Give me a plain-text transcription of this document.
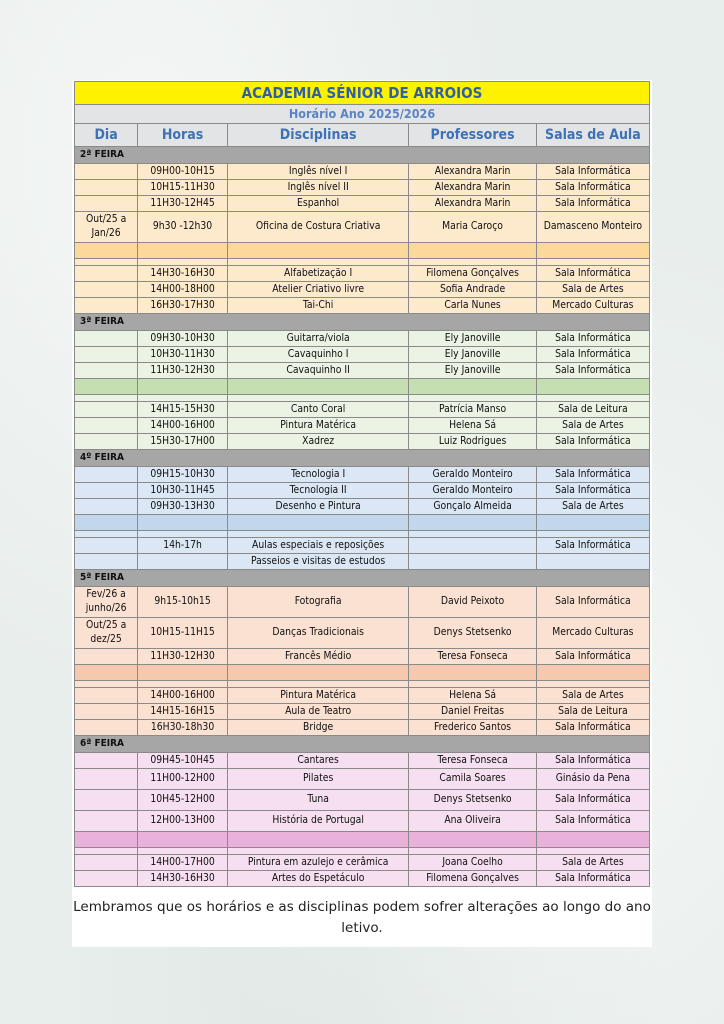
ACADEMIA SÉNIOR DE ARROIOS				
Horário Ano 2025/2026				
Dia	Horas	Disciplinas	Professores	Salas de Aula
2ª FEIRA				
	09H00-10H15	Inglês nível I	Alexandra Marin	Sala Informática
	10H15-11H30	Inglês nível II	Alexandra Marin	Sala Informática
	11H30-12H45	Espanhol	Alexandra Marin	Sala Informática
Out/25 a Jan/26	9h30 -12h30	Oficina de Costura Criativa	Maria Caroço	Damasceno Monteiro

	14H30-16H30	Alfabetização I	Filomena Gonçalves	Sala Informática
	14H00-18H00	Atelier Criativo livre	Sofia Andrade	Sala de Artes
	16H30-17H30	Tai-Chi	Carla Nunes	Mercado Culturas
3ª FEIRA				
	09H30-10H30	Guitarra/viola	Ely Janoville	Sala Informática
	10H30-11H30	Cavaquinho I	Ely Janoville	Sala Informática
	11H30-12H30	Cavaquinho II	Ely Janoville	Sala Informática

	14H15-15H30	Canto Coral	Patrícia Manso	Sala de Leitura
	14H00-16H00	Pintura Matérica	Helena Sá	Sala de Artes
	15H30-17H00	Xadrez	Luiz Rodrigues	Sala Informática
4º FEIRA				
	09H15-10H30	Tecnologia I	Geraldo Monteiro	Sala Informática
	10H30-11H45	Tecnologia II	Geraldo Monteiro	Sala Informática
	09H30-13H30	Desenho e Pintura	Gonçalo Almeida	Sala de Artes

	14h-17h	Aulas especiais e reposições		Sala Informática
		Passeios e visitas de estudos		
5ª FEIRA				
Fev/26 a junho/26	9h15-10h15	Fotografia	David Peixoto	Sala Informática
Out/25 a dez/25	10H15-11H15	Danças Tradicionais	Denys Stetsenko	Mercado Culturas
	11H30-12H30	Francês Médio	Teresa Fonseca	Sala Informática

	14H00-16H00	Pintura Matérica	Helena Sá	Sala de Artes
	14H15-16H15	Aula de Teatro	Daniel Freitas	Sala de Leitura
	16H30-18h30	Bridge	Frederico Santos	Sala Informática
6ª FEIRA				
	09H45-10H45	Cantares	Teresa Fonseca	Sala Informática
	11H00-12H00	Pilates	Camila Soares	Ginásio da Pena
	10H45-12H00	Tuna	Denys Stetsenko	Sala Informática
	12H00-13H00	História de Portugal	Ana Oliveira	Sala Informática

	14H00-17H00	Pintura em azulejo e cerâmica	Joana Coelho	Sala de Artes
	14H30-16H30	Artes do Espetáculo	Filomena Gonçalves	Sala Informática
Lembramos que os horários e as disciplinas podem sofrer alterações ao longo do ano letivo.
